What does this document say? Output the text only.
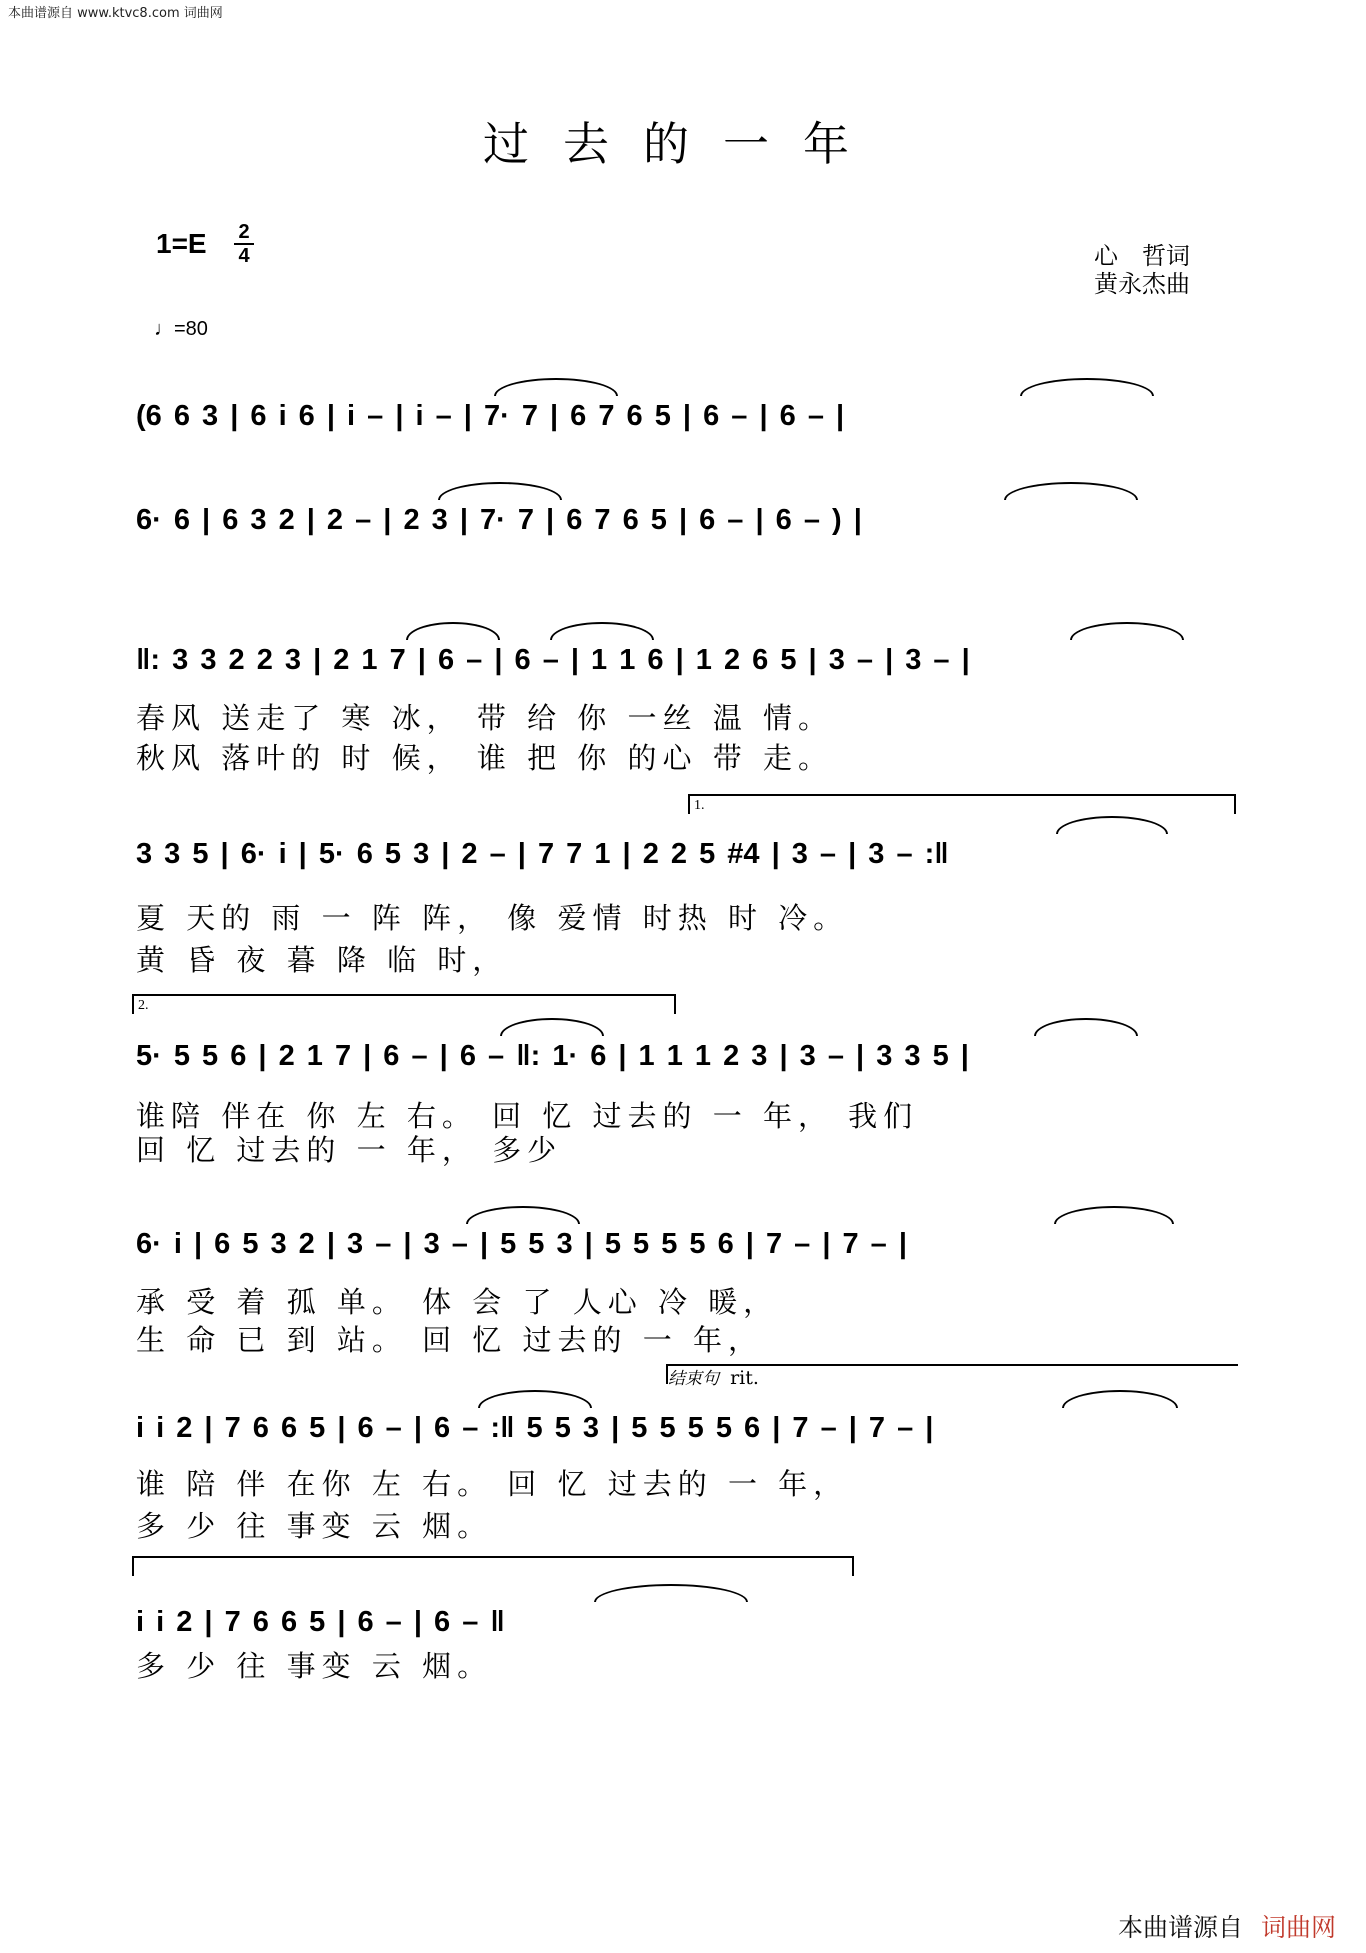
本曲谱源自 www.ktvc8.com 词曲网
过去的一年
1=E 2
4	心　哲词
黄永杰曲
♩=80
(6 6 3 | 6 i 6 | i – | i – | 7· 7 | 6 7 6 5 | 6 – | 6 – |
6· 6 | 6 3 2 | 2 – | 2 3 | 7· 7 | 6 7 6 5 | 6 – | 6 – ) |
‖: 3 3 2 2 3 | 2 1 7 | 6 – | 6 – | 1 1 6 | 1 2 6 5 | 3 – | 3 – |
春风 送走了 寒 冰， 带 给 你 一丝 温 情。
秋风 落叶的 时 候， 谁 把 你 的心 带 走。
1.
3 3 5 | 6· i | 5· 6 5 3 | 2 – | 7 7 1 | 2 2 5 #4 | 3 – | 3 – :‖
夏 天的 雨 一 阵 阵， 像 爱情 时热 时 冷。
黄 昏 夜 暮 降 临 时，
2.
5· 5 5 6 | 2 1 7 | 6 – | 6 – ‖: 1· 6 | 1 1 1 2 3 | 3 – | 3 3 5 |
谁陪 伴在 你 左 右。 回 忆 过去的 一 年， 我们
回 忆 过去的 一 年， 多少
6· i | 6 5 3 2 | 3 – | 3 – | 5 5 3 | 5 5 5 5 6 | 7 – | 7 – |
承 受 着 孤 单。 体 会 了 人心 冷 暖，
生 命 已 到 站。 回 忆 过去的 一 年，
结束句 rit.
i i 2 | 7 6 6 5 | 6 – | 6 – :‖ 5 5 3 | 5 5 5 5 6 | 7 – | 7 – |
谁 陪 伴 在你 左 右。 回 忆 过去的 一 年，
多 少 往 事变 云 烟。
i i 2 | 7 6 6 5 | 6 – | 6 – ‖
多 少 往 事变 云 烟。
本曲谱源自 词曲网
